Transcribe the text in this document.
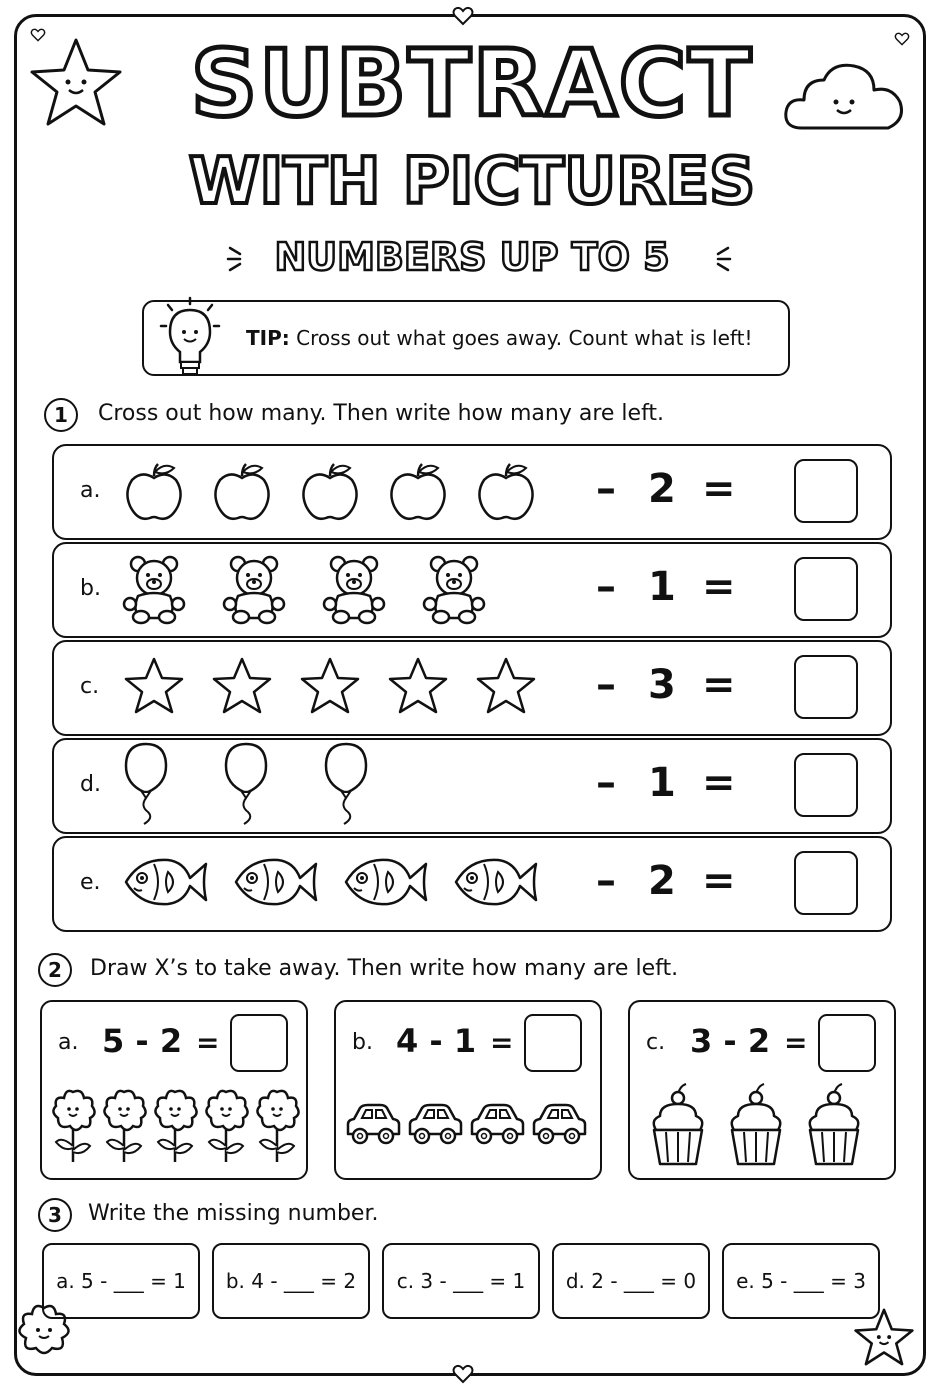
SUBTRACT
WITH PICTURES
NUMBERS UP TO 5
TIP: Cross out what goes away. Count what is left!
1	Cross out how many. Then write how many are left.
a.	– 2 =
b.	– 1 =
c.	– 3 =
d.	– 1 =
e.	– 2 =
2	Draw X’s to take away. Then write how many are left.
a. 5 - 2 =	b. 4 - 1 =	c. 3 - 2 =
3	Write the missing number.
a. 5 - ___ = 1	b. 4 - ___ = 2	c. 3 - ___ = 1	d. 2 - ___ = 0	e. 5 - ___ = 3
